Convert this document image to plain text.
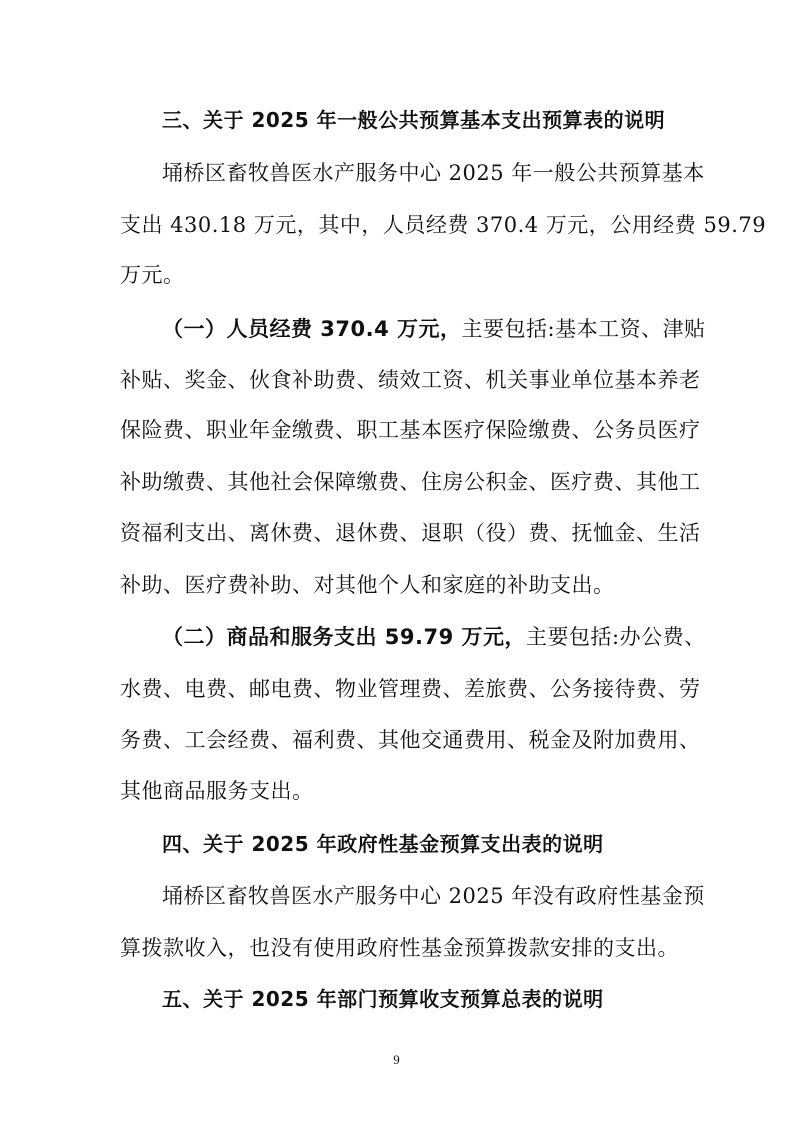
三、关于 2025 年一般公共预算基本支出预算表的说明
埇桥区畜牧兽医水产服务中心 2025 年一般公共预算基本
支出 430.18 万元，其中，人员经费 370.4 万元，公用经费 59.79
万元。
（一）人员经费 370.4 万元，主要包括:基本工资、津贴
补贴、奖金、伙食补助费、绩效工资、机关事业单位基本养老
保险费、职业年金缴费、职工基本医疗保险缴费、公务员医疗
补助缴费、其他社会保障缴费、住房公积金、医疗费、其他工
资福利支出、离休费、退休费、退职（役）费、抚恤金、生活
补助、医疗费补助、对其他个人和家庭的补助支出。
（二）商品和服务支出 59.79 万元，主要包括:办公费、
水费、电费、邮电费、物业管理费、差旅费、公务接待费、劳
务费、工会经费、福利费、其他交通费用、税金及附加费用、
其他商品服务支出。
四、关于 2025 年政府性基金预算支出表的说明
埇桥区畜牧兽医水产服务中心 2025 年没有政府性基金预
算拨款收入，也没有使用政府性基金预算拨款安排的支出。
五、关于 2025 年部门预算收支预算总表的说明
9
